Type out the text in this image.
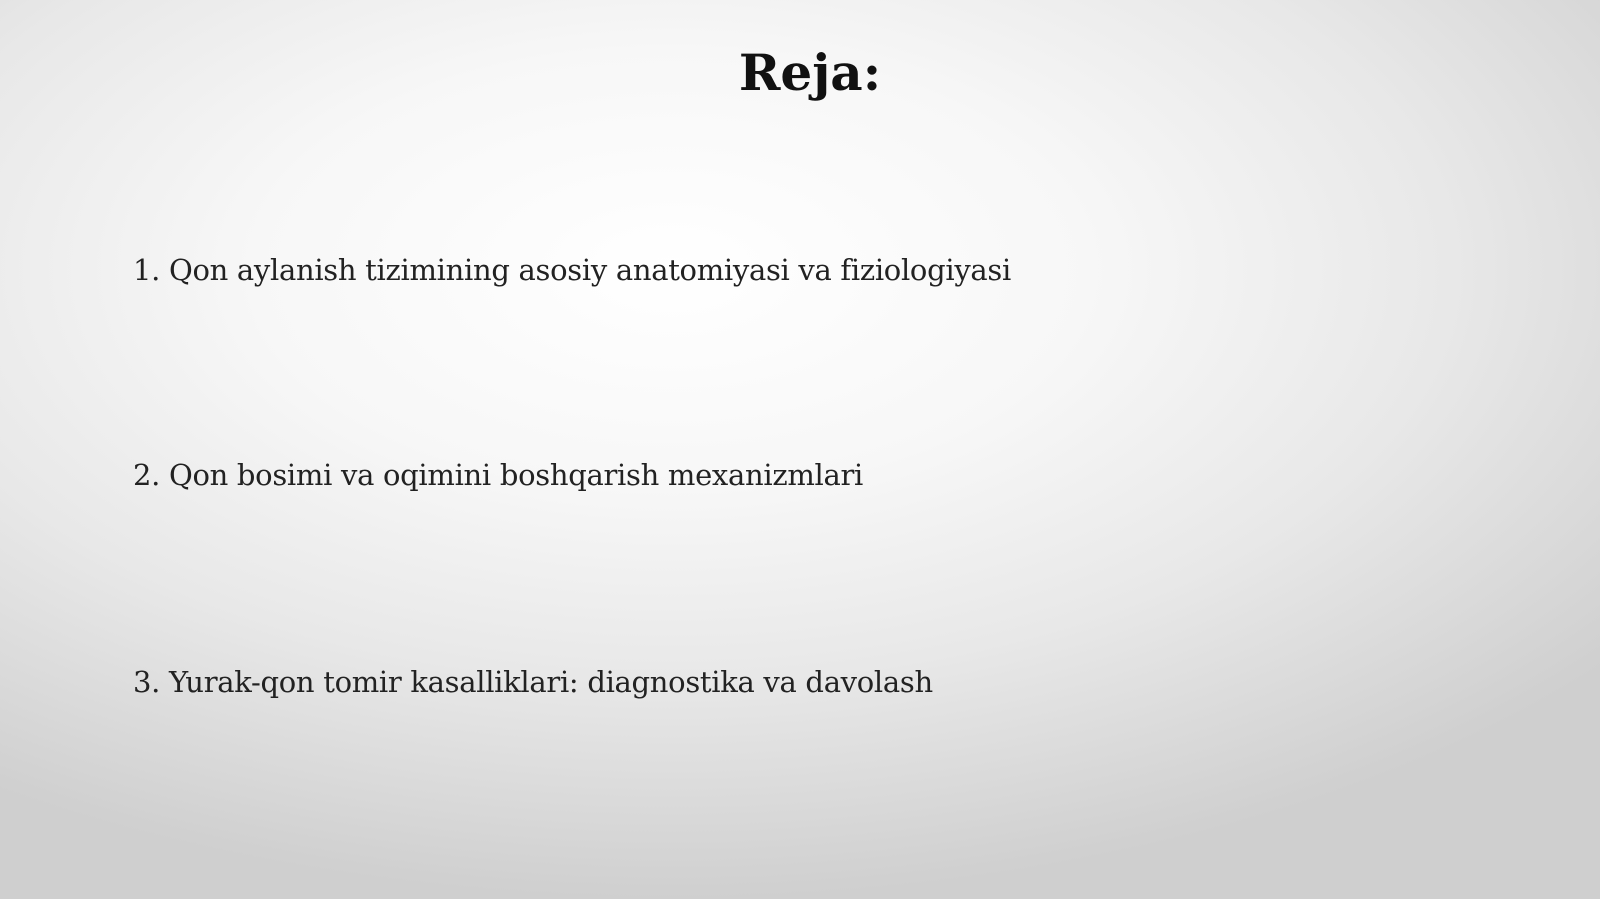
Reja:
1. Qon aylanish tizimining asosiy anatomiyasi va fiziologiyasi
2. Qon bosimi va oqimini boshqarish mexanizmlari
3. Yurak-qon tomir kasalliklari: diagnostika va davolash
